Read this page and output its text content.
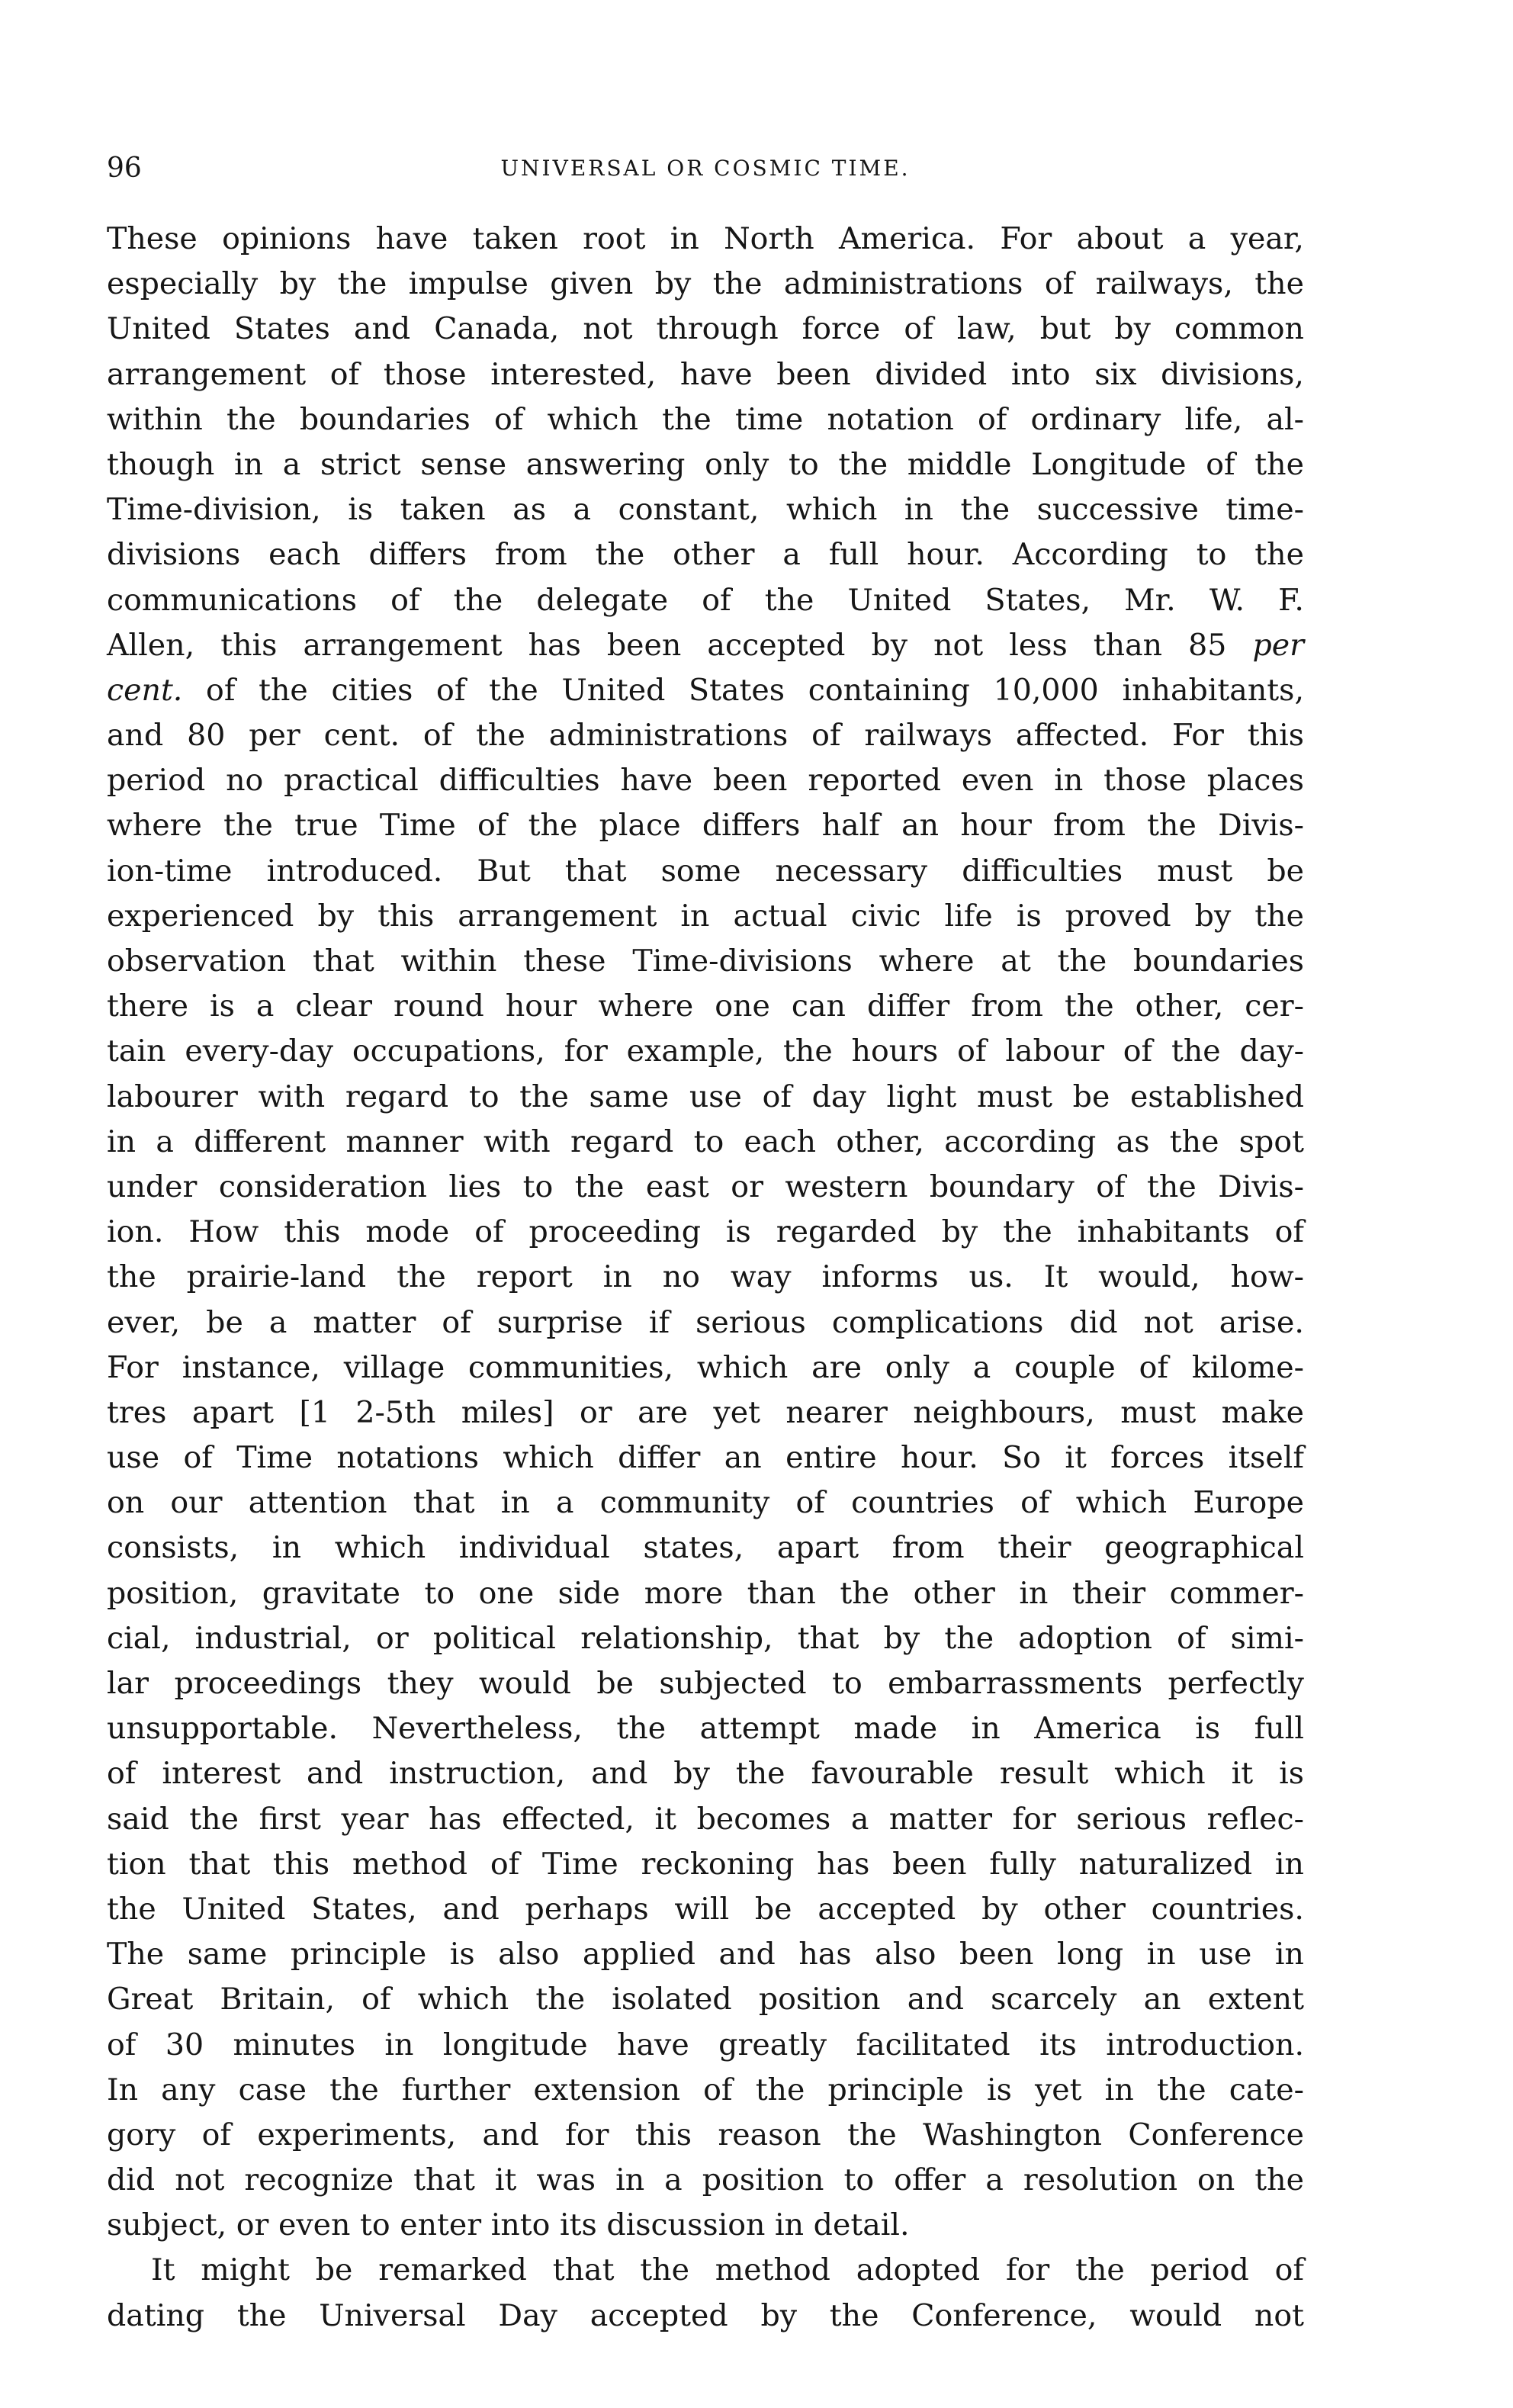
96	UNIVERSAL OR COSMIC TIME.
These opinions have taken root in North America. For about a year,
especially by the impulse given by the administrations of railways, the
United States and Canada, not through force of law, but by common
arrangement of those interested, have been divided into six divisions,
within the boundaries of which the time notation of ordinary life, al-
though in a strict sense answering only to the middle Longitude of the
Time-division, is taken as a constant, which in the successive time-
divisions each differs from the other a full hour. According to the
communications of the delegate of the United States, Mr. W. F.
Allen, this arrangement has been accepted by not less than 85 per
cent. of the cities of the United States containing 10,000 inhabitants,
and 80 per cent. of the administrations of railways affected. For this
period no practical difficulties have been reported even in those places
where the true Time of the place differs half an hour from the Divis-
ion-time introduced. But that some necessary difficulties must be
experienced by this arrangement in actual civic life is proved by the
observation that within these Time-divisions where at the boundaries
there is a clear round hour where one can differ from the other, cer-
tain every-day occupations, for example, the hours of labour of the day-
labourer with regard to the same use of day light must be established
in a different manner with regard to each other, according as the spot
under consideration lies to the east or western boundary of the Divis-
ion. How this mode of proceeding is regarded by the inhabitants of
the prairie-land the report in no way informs us. It would, how-
ever, be a matter of surprise if serious complications did not arise.
For instance, village communities, which are only a couple of kilome-
tres apart [1 2-5th miles] or are yet nearer neighbours, must make
use of Time notations which differ an entire hour. So it forces itself
on our attention that in a community of countries of which Europe
consists, in which individual states, apart from their geographical
position, gravitate to one side more than the other in their commer-
cial, industrial, or political relationship, that by the adoption of simi-
lar proceedings they would be subjected to embarrassments perfectly
unsupportable. Nevertheless, the attempt made in America is full
of interest and instruction, and by the favourable result which it is
said the first year has effected, it becomes a matter for serious reflec-
tion that this method of Time reckoning has been fully naturalized in
the United States, and perhaps will be accepted by other countries.
The same principle is also applied and has also been long in use in
Great Britain, of which the isolated position and scarcely an extent
of 30 minutes in longitude have greatly facilitated its introduction.
In any case the further extension of the principle is yet in the cate-
gory of experiments, and for this reason the Washington Conference
did not recognize that it was in a position to offer a resolution on the
subject, or even to enter into its discussion in detail.
It might be remarked that the method adopted for the period of
dating the Universal Day accepted by the Conference, would not
